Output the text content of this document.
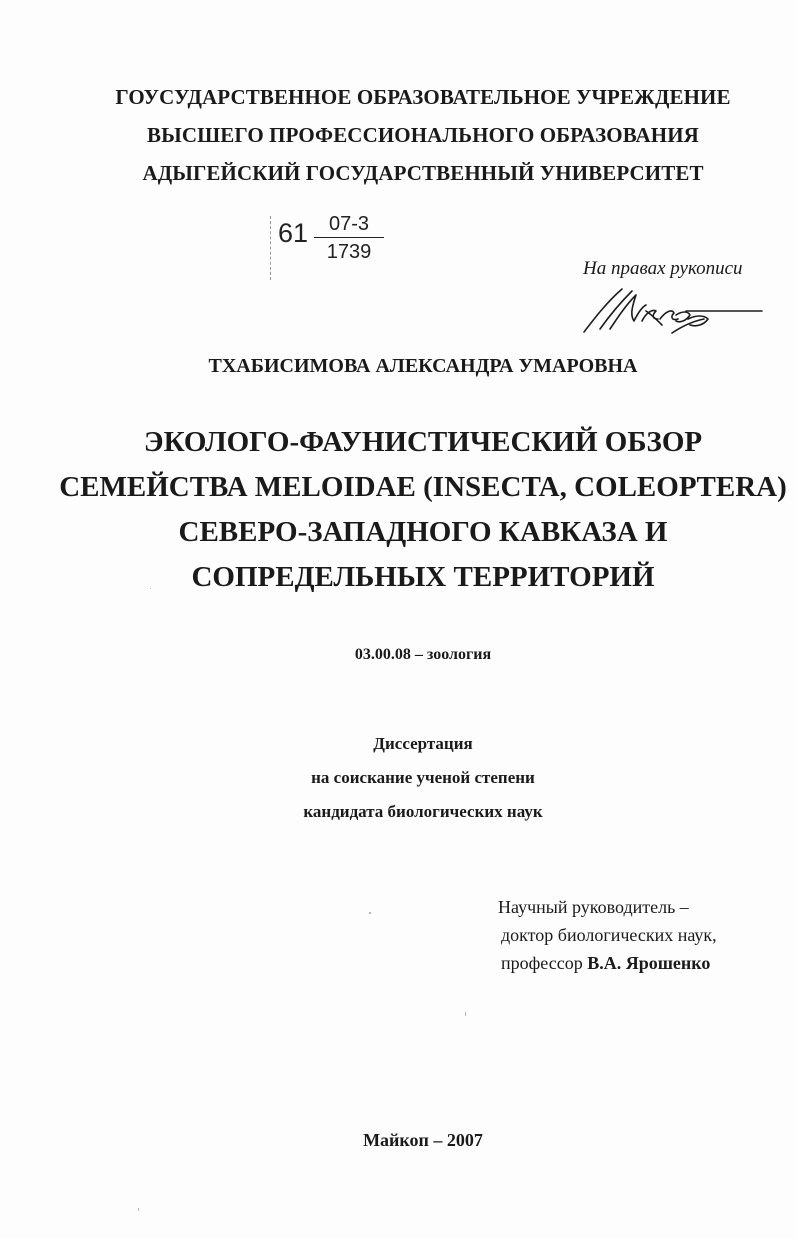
ГОУСУДАРСТВЕННОЕ ОБРАЗОВАТЕЛЬНОЕ УЧРЕЖДЕНИЕ
ВЫСШЕГО ПРОФЕССИОНАЛЬНОГО ОБРАЗОВАНИЯ
АДЫГЕЙСКИЙ ГОСУДАРСТВЕННЫЙ УНИВЕРСИТЕТ
61	07-3
1739
На правах рукописи
ТХАБИСИМОВА АЛЕКСАНДРА УМАРОВНА
ЭКОЛОГО-ФАУНИСТИЧЕСКИЙ ОБЗОР
СЕМЕЙСТВА MELOIDAE (INSECTA, COLEOPTERA)
СЕВЕРО-ЗАПАДНОГО КАВКАЗА И
СОПРЕДЕЛЬНЫХ ТЕРРИТОРИЙ
03.00.08 – зоология
Диссертация
на соискание ученой степени
кандидата биологических наук
Научный руководитель –
доктор биологических наук,
профессор В.А. Ярошенко
Майкоп – 2007
